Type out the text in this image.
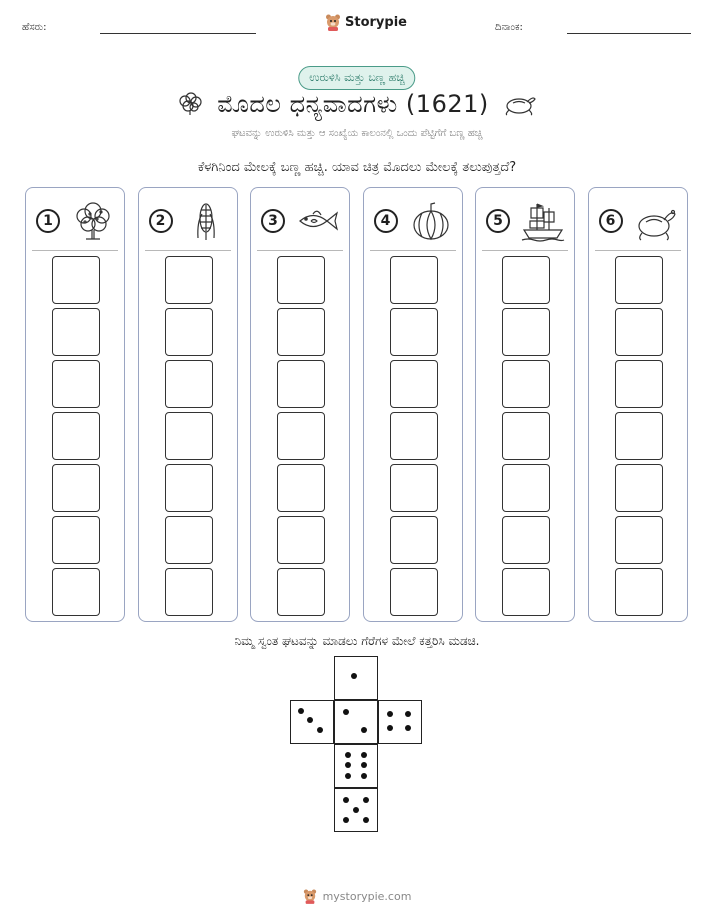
ಹೆಸರು:	Storypie	ದಿನಾಂಕ:
ಉರುಳಿಸಿ ಮತ್ತು ಬಣ್ಣ ಹಚ್ಚಿ
ಮೊದಲ ಧನ್ಯವಾದಗಳು (1621)
ಘಟವನ್ನು ಉರುಳಿಸಿ ಮತ್ತು ಆ ಸಂಖ್ಯೆಯ ಕಾಲಂನಲ್ಲಿ ಒಂದು ಪೆಟ್ಟಿಗೆಗೆ ಬಣ್ಣ ಹಚ್ಚಿ
ಕೆಳಗಿನಿಂದ ಮೇಲಕ್ಕೆ ಬಣ್ಣ ಹಚ್ಚಿ. ಯಾವ ಚಿತ್ರ ಮೊದಲು ಮೇಲಕ್ಕೆ ತಲುಪುತ್ತದೆ?
1	2	3	4	5	6
ನಿಮ್ಮ ಸ್ವಂತ ಘಟವನ್ನು ಮಾಡಲು ಗೆರೆಗಳ ಮೇಲೆ ಕತ್ತರಿಸಿ ಮಡಚಿ.
mystorypie.com
